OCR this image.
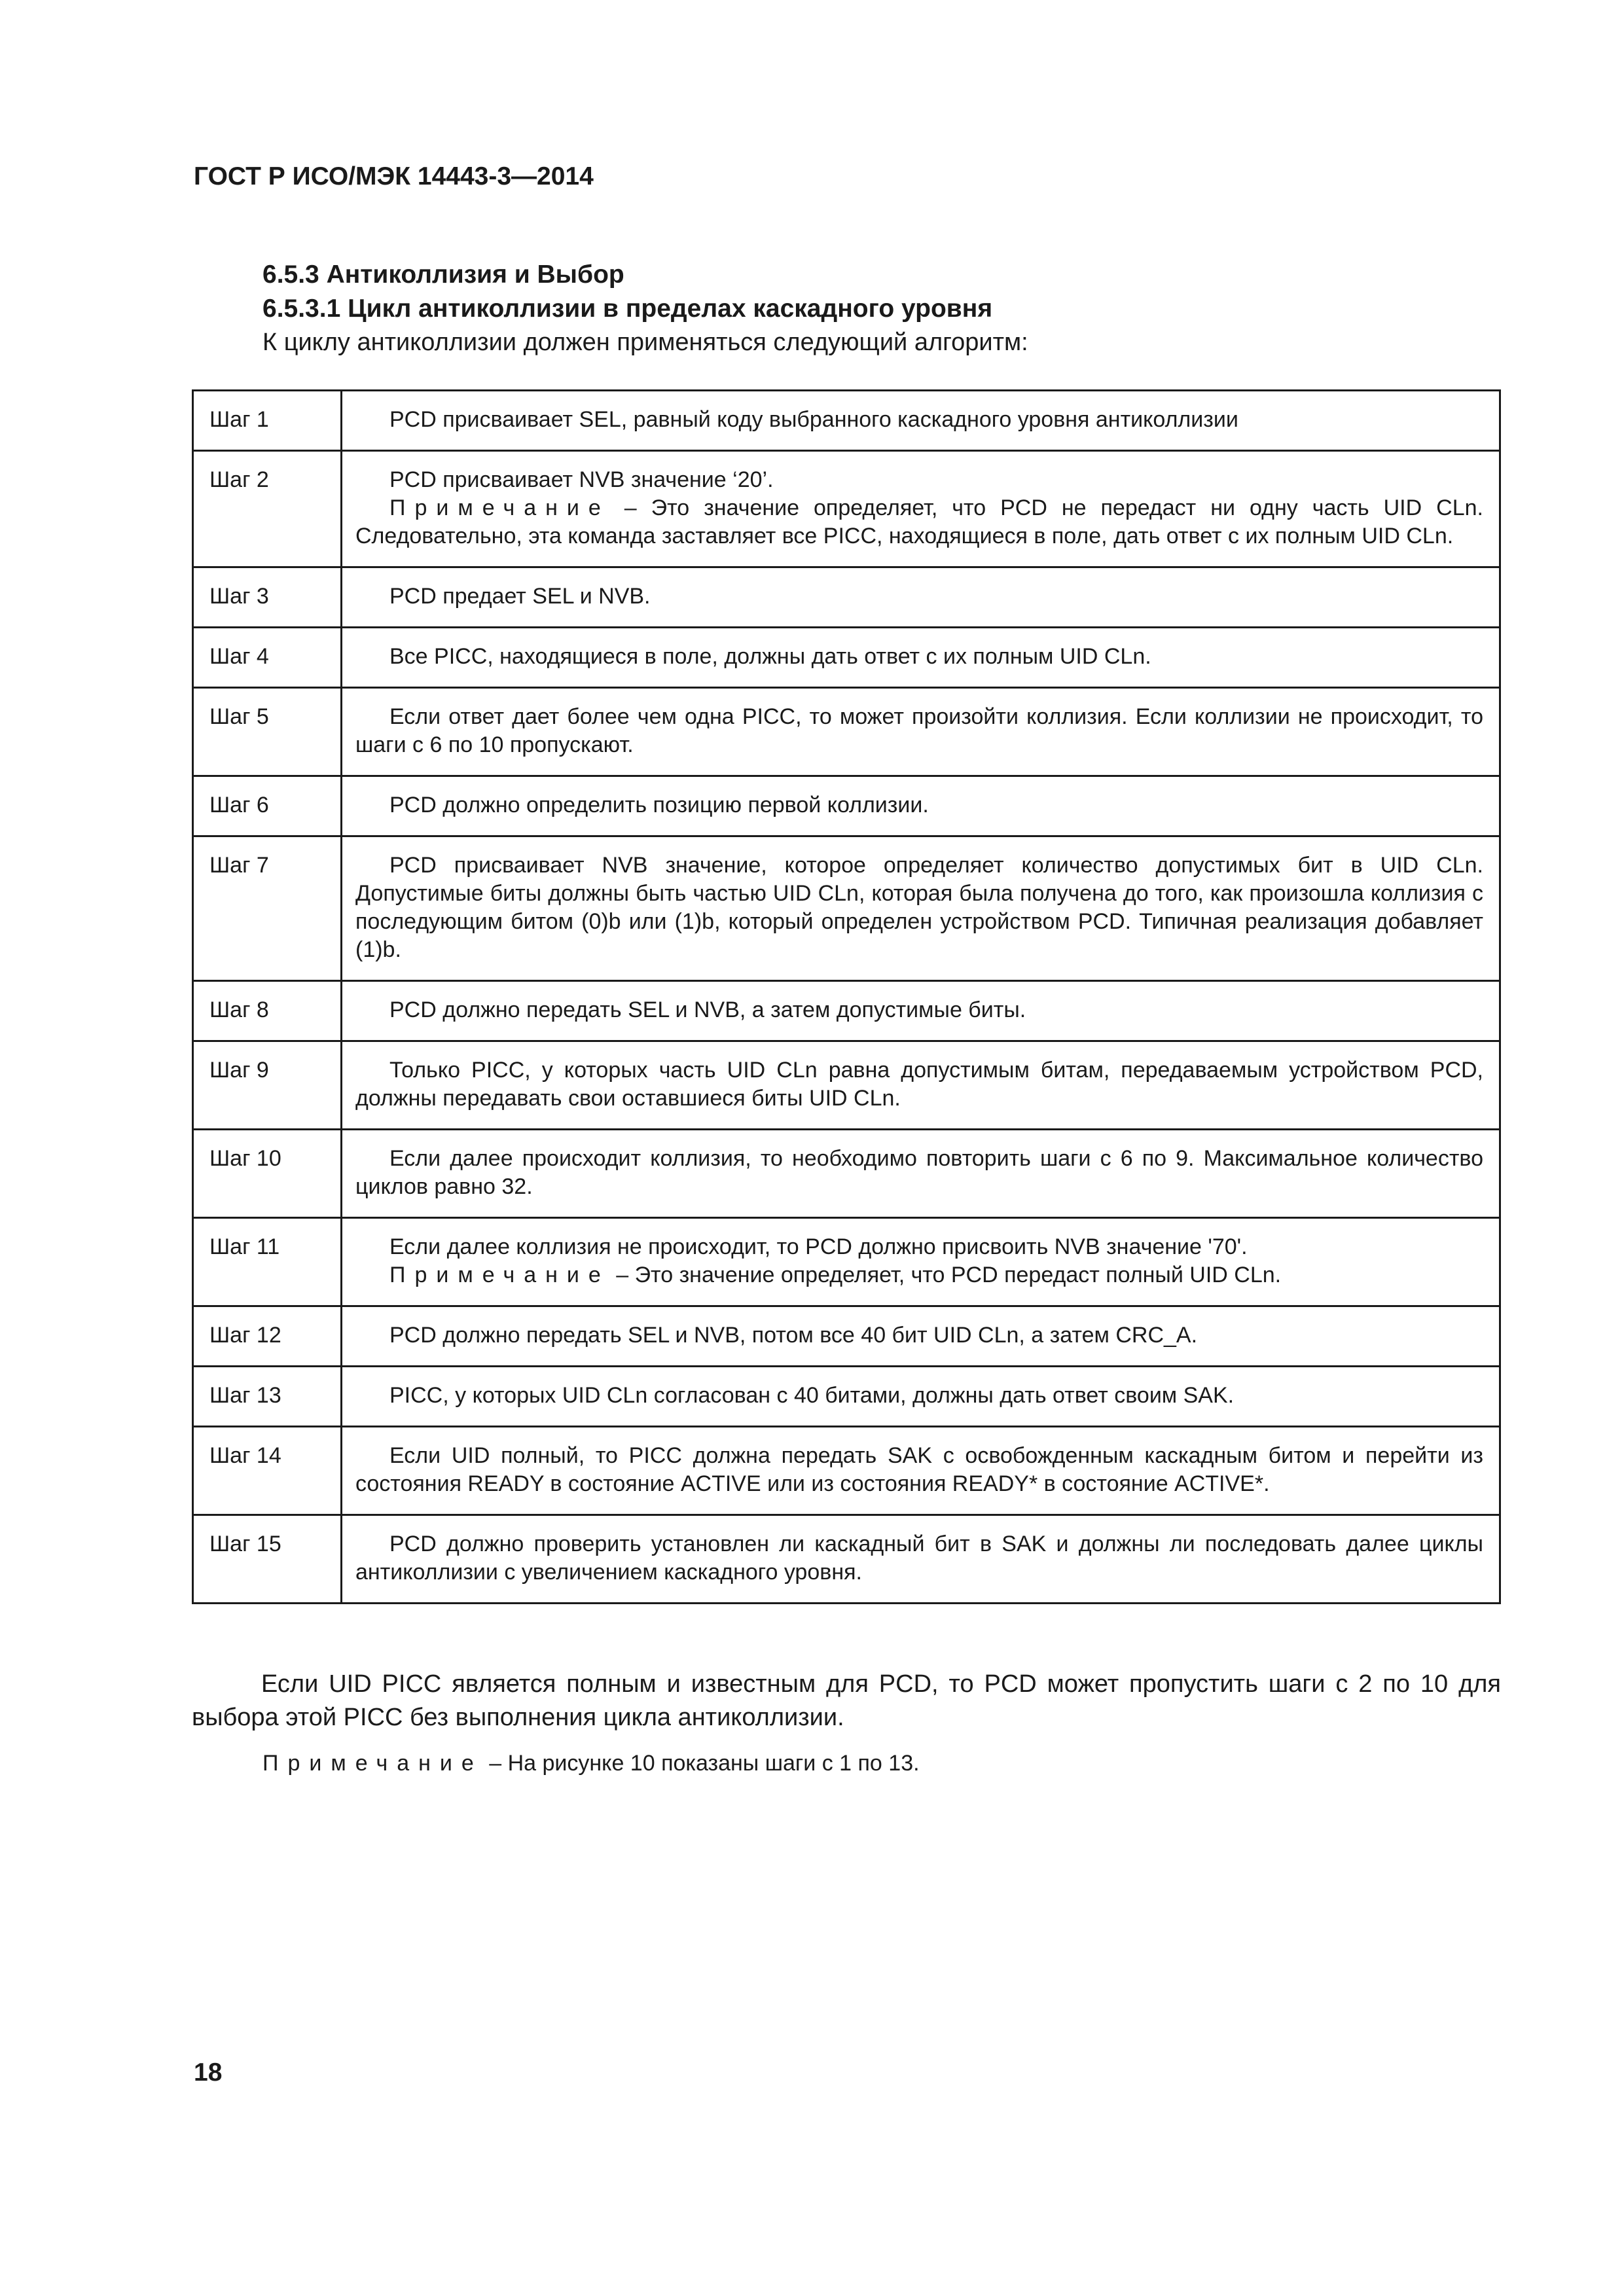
ГОСТ Р ИСО/МЭК 14443-3—2014
6.5.3 Антиколлизия и Выбор
6.5.3.1 Цикл антиколлизии в пределах каскадного уровня
К циклу антиколлизии должен применяться следующий алгоритм:
Шаг 1	PCD присваивает SEL, равный коду выбранного каскадного уровня антиколлизии

Шаг 2	PCD присваивает NVB значение ‘20’.
Примечание – Это значение определяет, что PCD не передаст ни одну часть UID CLn. Следовательно, эта команда заставляет все PICC, находящиеся в поле, дать ответ с их полным UID CLn.

Шаг 3	PCD предает SEL и NVB.

Шаг 4	Все PICC, находящиеся в поле, должны дать ответ с их полным UID CLn.

Шаг 5	Если ответ дает более чем одна PICC, то может произойти коллизия. Если коллизии не происходит, то шаги с 6 по 10 пропускают.

Шаг 6	PCD должно определить позицию первой коллизии.

Шаг 7	PCD присваивает NVB значение, которое определяет количество допустимых бит в UID CLn. Допустимые биты должны быть частью UID CLn, которая была получена до того, как произошла коллизия с последующим битом (0)b или (1)b, который определен устройством PCD. Типичная реализация добавляет (1)b.

Шаг 8	PCD должно передать SEL и NVB, а затем допустимые биты.

Шаг 9	Только PICC, у которых часть UID CLn равна допустимым битам, передаваемым устройством PCD, должны передавать свои оставшиеся биты UID CLn.

Шаг 10	Если далее происходит коллизия, то необходимо повторить шаги с 6 по 9. Максимальное количество циклов равно 32.

Шаг 11	Если далее коллизия не происходит, то PCD должно присвоить NVB значение '70'.
Примечание – Это значение определяет, что PCD передаст полный UID CLn.

Шаг 12	PCD должно передать SEL и NVB, потом все 40 бит UID CLn, а затем CRC_A.

Шаг 13	PICC, у которых UID CLn согласован с 40 битами, должны дать ответ своим SAK.

Шаг 14	Если UID полный, то PICC должна передать SAK с освобожденным каскадным битом и перейти из состояния READY в состояние ACTIVE или из состояния READY* в состояние ACTIVE*.

Шаг 15	PCD должно проверить установлен ли каскадный бит в SAK и должны ли последовать далее циклы антиколлизии с увеличением каскадного уровня.
Если UID PICC является полным и известным для PCD, то PCD может пропустить шаги с 2 по 10 для выбора этой PICC без выполнения цикла антиколлизии.
Примечание – На рисунке 10 показаны шаги с 1 по 13.
18
